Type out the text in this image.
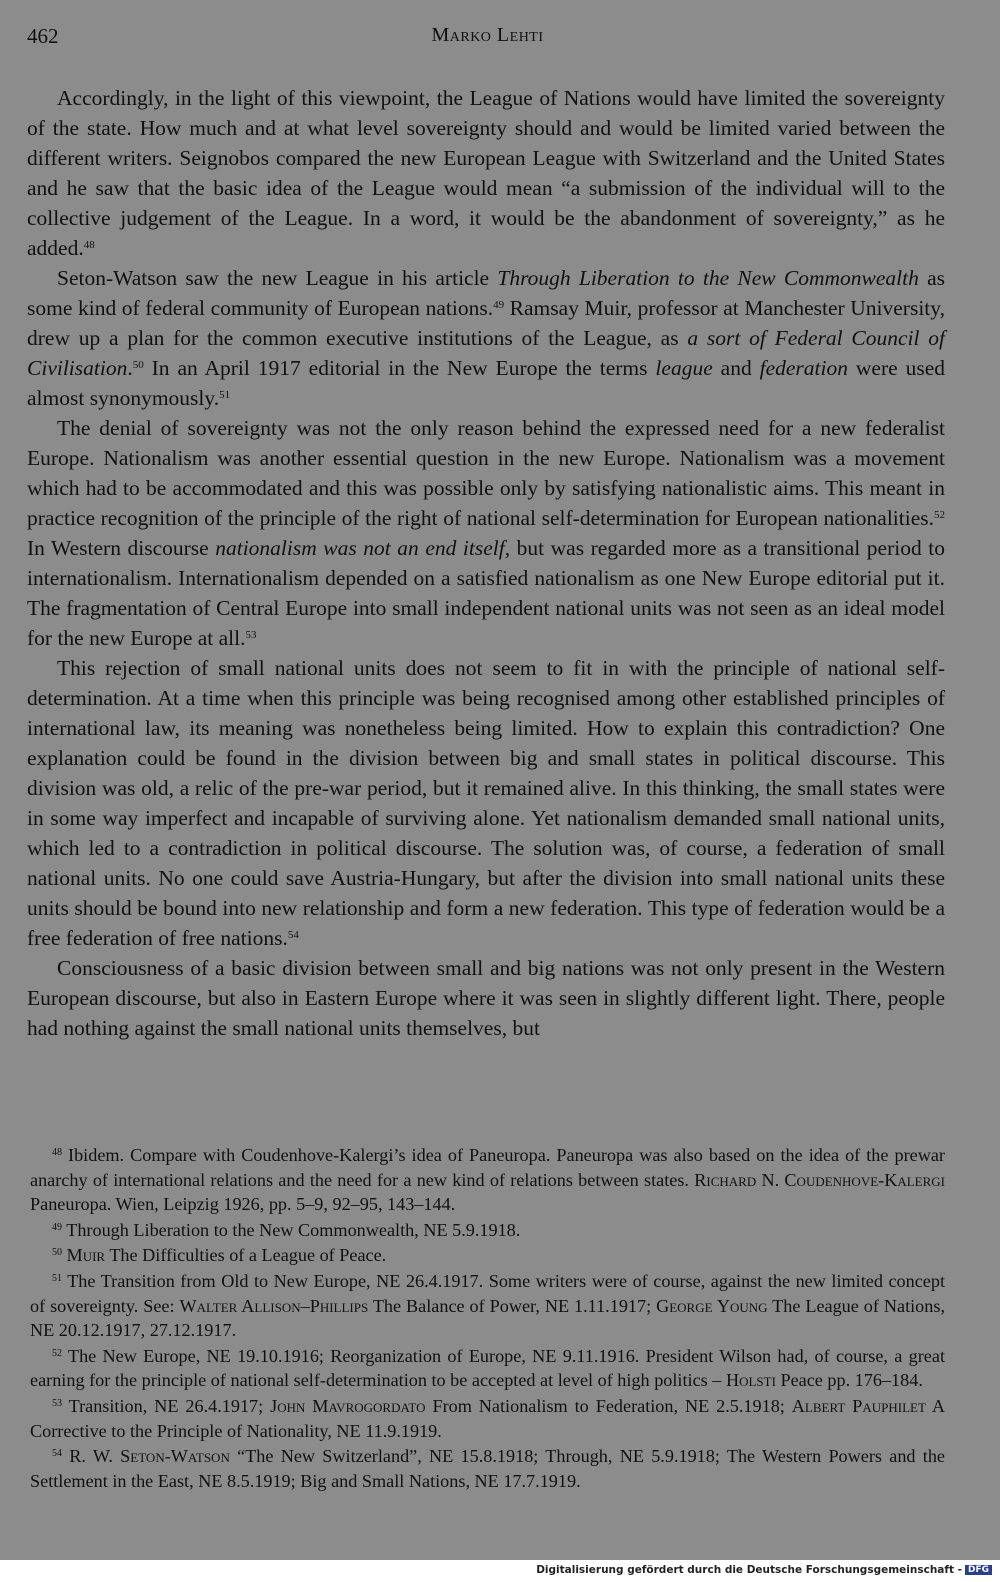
462	Marko Lehti

Accordingly, in the light of this viewpoint, the League of Nations would have limited the sovereignty of the state. How much and at what level sovereignty should and would be limited varied between the different writers. Seignobos compared the new European League with Switzerland and the United States and he saw that the basic idea of the League would mean “a submission of the individual will to the collective judgement of the League. In a word, it would be the abandonment of sovereignty,” as he added.$^{48}$

Seton-Watson saw the new League in his article Through Liberation to the New Commonwealth as some kind of federal community of European nations.$^{49}$ Ramsay Muir, professor at Manchester University, drew up a plan for the common executive institutions of the League, as a sort of Federal Council of Civilisation.$^{50}$ In an April 1917 editorial in the New Europe the terms league and federation were used almost synonymously.$^{51}$

The denial of sovereignty was not the only reason behind the expressed need for a new federalist Europe. Nationalism was another essential question in the new Europe. Nationalism was a movement which had to be accommodated and this was possible only by satisfying nationalistic aims. This meant in practice recognition of the principle of the right of national self-determination for European nationalities.$^{52}$ In Western discourse nationalism was not an end itself, but was regarded more as a transitional period to internationalism. Internationalism depended on a satisfied nationalism as one New Europe editorial put it. The fragmentation of Central Europe into small independent national units was not seen as an ideal model for the new Europe at all.$^{53}$

This rejection of small national units does not seem to fit in with the principle of national self-determination. At a time when this principle was being recognised among other established principles of international law, its meaning was nonetheless being limited. How to explain this contradiction? One explanation could be found in the division between big and small states in political discourse. This division was old, a relic of the pre-war period, but it remained alive. In this thinking, the small states were in some way imperfect and incapable of surviving alone. Yet nationalism demanded small national units, which led to a contradiction in political discourse. The solution was, of course, a federation of small national units. No one could save Austria-Hungary, but after the division into small national units these units should be bound into new relationship and form a new federation. This type of federation would be a free federation of free nations.$^{54}$

Consciousness of a basic division between small and big nations was not only present in the Western European discourse, but also in Eastern Europe where it was seen in slightly different light. There, people had nothing against the small national units themselves, but

$^{48}$ Ibidem. Compare with Coudenhove-Kalergi’s idea of Paneuropa. Paneuropa was also based on the idea of the prewar anarchy of international relations and the need for a new kind of relations between states. Richard N. Coudenhove-Kalergi Paneuropa. Wien, Leipzig 1926, pp. 5–9, 92–95, 143–144.

$^{49}$ Through Liberation to the New Commonwealth, NE 5.9.1918.

$^{50}$ Muir The Difficulties of a League of Peace.

$^{51}$ The Transition from Old to New Europe, NE 26.4.1917. Some writers were of course, against the new limited concept of sovereignty. See: Walter Allison–Phillips The Balance of Power, NE 1.11.1917; George Young The League of Nations, NE 20.12.1917, 27.12.1917.

$^{52}$ The New Europe, NE 19.10.1916; Reorganization of Europe, NE 9.11.1916. President Wilson had, of course, a great earning for the principle of national self-determination to be accepted at level of high politics – Holsti Peace pp. 176–184.

$^{53}$ Transition, NE 26.4.1917; John Mavrogordato From Nationalism to Federation, NE 2.5.1918; Albert Pauphilet A Corrective to the Principle of Nationality, NE 11.9.1919.

$^{54}$ R. W. Seton-Watson “The New Switzerland”, NE 15.8.1918; Through, NE 5.9.1918; The Western Powers and the Settlement in the East, NE 8.5.1919; Big and Small Nations, NE 17.7.1919.

Digitalisierung gefördert durch die Deutsche Forschungsgemeinschaft - DFG
